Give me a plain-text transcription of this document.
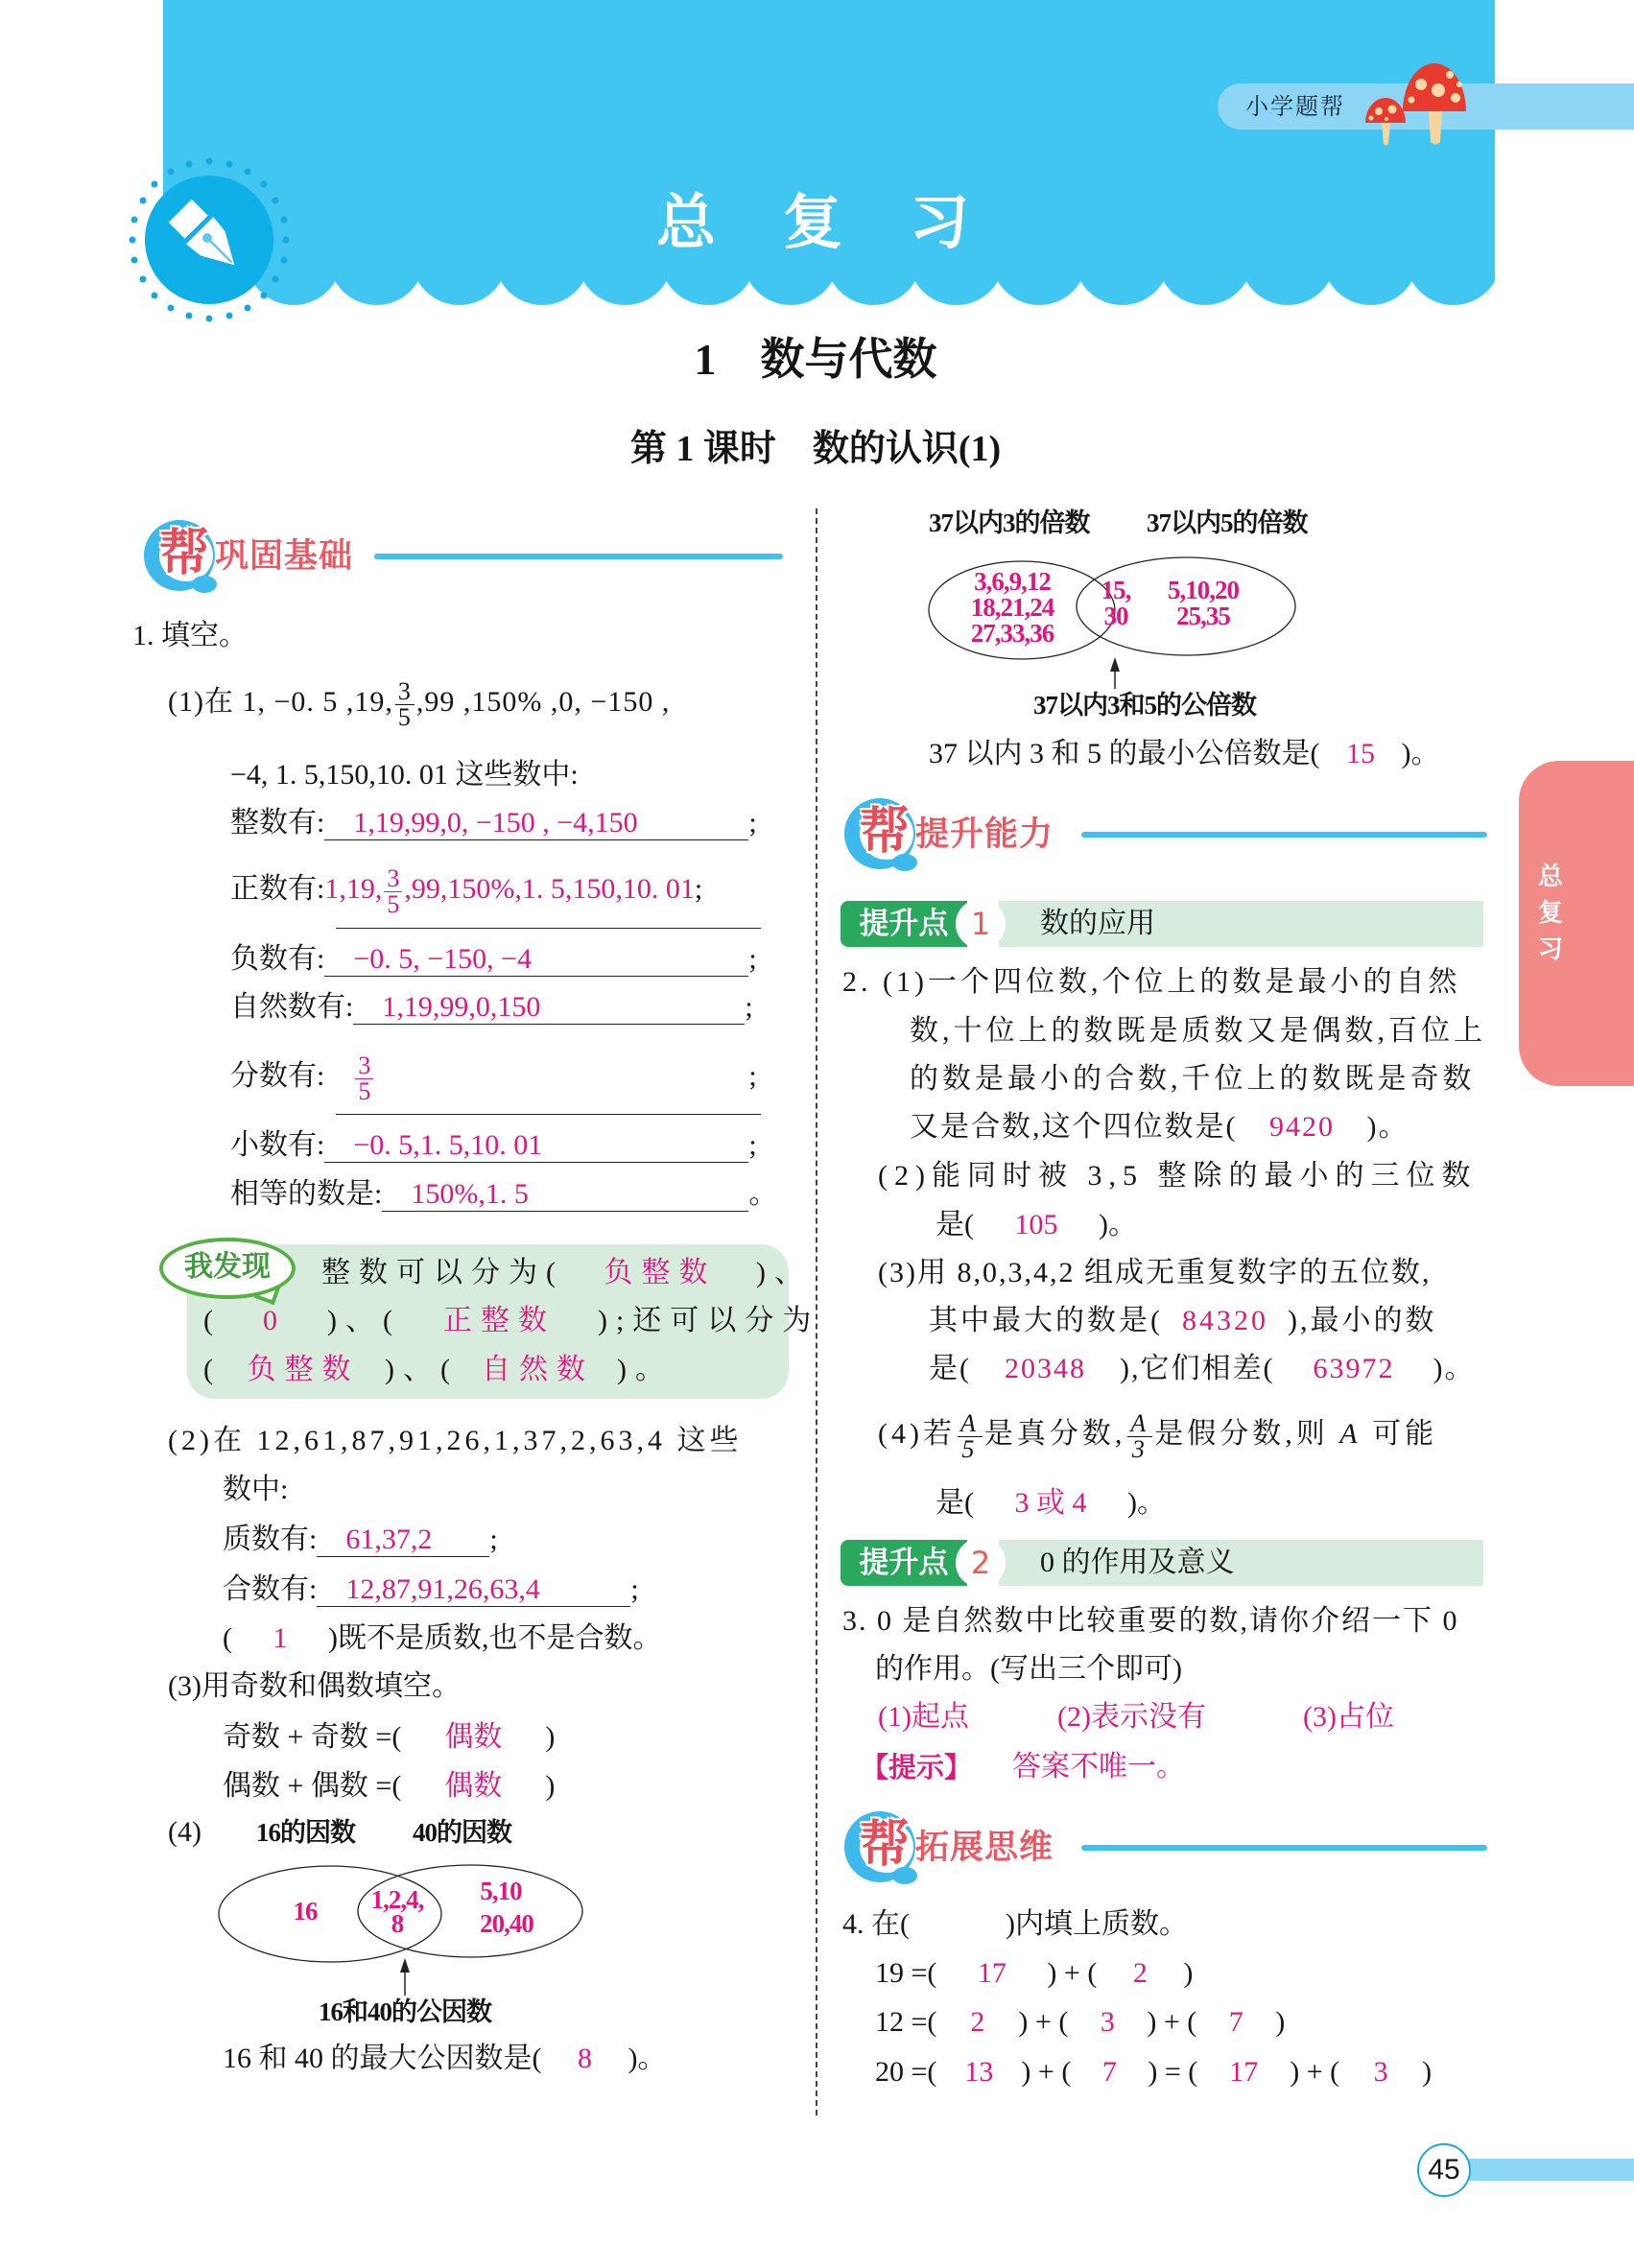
总　复　习
小学题帮
1　数与代数
第 1 课时　数的认识(1)
总
复
习
帮 巩固基础
1. 填空。
(1)在 1, −0. 5 ,19, $\frac{3}{5} ,99$ ,150% ,0, −150 ,
−4, 1. 5,150,10. 01 这些数中:
整数有: 1,19,99,0, −150 , −4,150	;
正数有:1,19, $\frac{3}{5} ,99,150\%,1$. 5,150,10. 01;
负数有: −0. 5, −150, −4	;
自然数有: 1,19,99,0,150	;
分数有: $\frac{3}{5}$	;
小数有: −0. 5,1. 5,10. 01	;
相等的数是: 150%,1. 5	。
我发现	整数可以分为( 负整数 )、
( 0 )、( 正整数 );还可以分为
( 负整数 )、( 自然数 )。
(2)在 12,61,87,91,26,1,37,2,63,4 这些
数中:
质数有: 61,37,2 ;
合数有: 12,87,91,26,63,4	;
( 1 )既不是质数,也不是合数。
(3)用奇数和偶数填空。
奇数 + 奇数 =( 偶数 )
偶数 + 偶数 =( 偶数 )
(4) 16的因数 40的因数
16 1,2,4,
8
5,10
20,40
16和40的公因数
16 和 40 的最大公因数是( 8 )。
37以内3的倍数 37以内5的倍数
3,6,9,12
18,21,24
27,33,36
15,
30
5,10,20
25,35
37以内3和5的公倍数
37 以内 3 和 5 的最小公倍数是( 15 )。
帮 提升能力
提升点 1	数的应用
2. (1)一个四位数,个位上的数是最小的自然
数,十位上的数既是质数又是偶数,百位上
的数是最小的合数,千位上的数既是奇数
又是合数,这个四位数是( 9420 )。
(2)能同时被 3,5 整除的最小的三位数
是( 105 )。
(3)用 8,0,3,4,2 组成无重复数字的五位数,
其中最大的数是( 84320 ),最小的数
是( 20348 ),它们相差( 63972 )。
(4)若 $\frac{A}{5}$ 是真分数, $\frac{A}{3}$ 是假分数,则 A 可能
是( 3 或 4 )。
提升点 2	0 的作用及意义
3. 0 是自然数中比较重要的数,请你介绍一下 0
的作用。(写出三个即可)
(1)起点	(2)表示没有	(3)占位
【提示】 答案不唯一。
帮 拓展思维
4. 在(	)内填上质数。
19 =( 17 ) + ( 2 )
12 =( 2 ) + ( 3 ) + ( 7 )
20 =( 13 ) + ( 7 ) = ( 17 ) + ( 3 )
45
